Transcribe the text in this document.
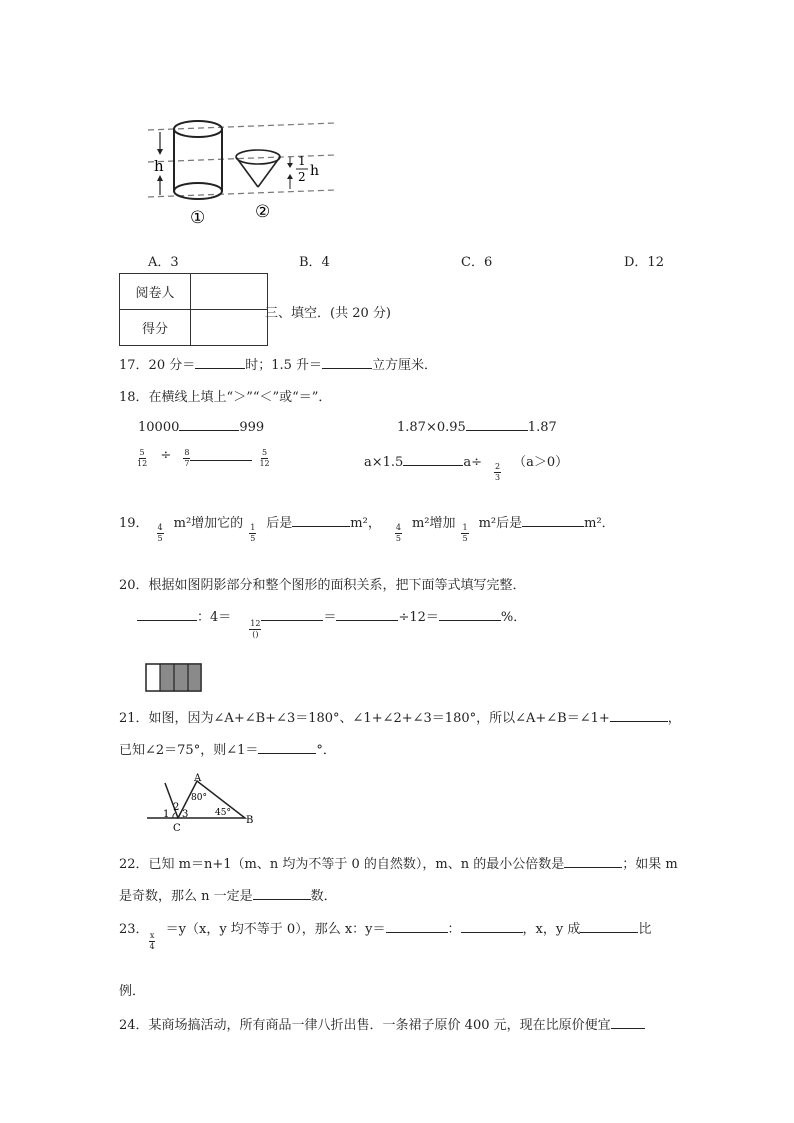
h	1
2 h
①	②
A．3	B．4	C．6	D．12
阅卷人	
得分	
三、填空．(共 20 分)
17．20 分＝	时；1.5 升＝	立方厘米．
18．在横线上填上“＞”“＜”或“＝”．
10000	999	1.87×0.95	1.87
$\frac{5}{12} \div \frac{8}{7}$	$\frac{5}{12}$	a×1.5	$a\div \frac{2}{3} (a>0)$
19． $\frac{4}{5} m^2$增加它的 $\frac{1}{5}$ 后是	m²， $\frac{4}{5} m^2$增加 $\frac{1}{5} m^2$后是	m²．
20．根据如图阴影部分和整个图形的面积关系，把下面等式填写完整．
：4＝
$\frac{12}{()}$
＝	÷12＝	%．
21．如图，因为∠A+∠B+∠3＝180°、∠1+∠2+∠3＝180°，所以∠A+∠B＝∠1+	，
已知∠2＝75°，则∠1＝	°．
A
B
C
80°
45°
1
2
3
22．已知 m＝n+1（m、n 均为不等于 0 的自然数），m、n 的最小公倍数是	；如果 m
是奇数，那么 n 一定是	数．
23．
$\frac{x}{4}$
＝y（x，y 均不等于 0），那么 x：y＝	：	，x，y 成	比
例．
24．某商场搞活动，所有商品一律八折出售．一条裙子原价 400 元，现在比原价便宜
